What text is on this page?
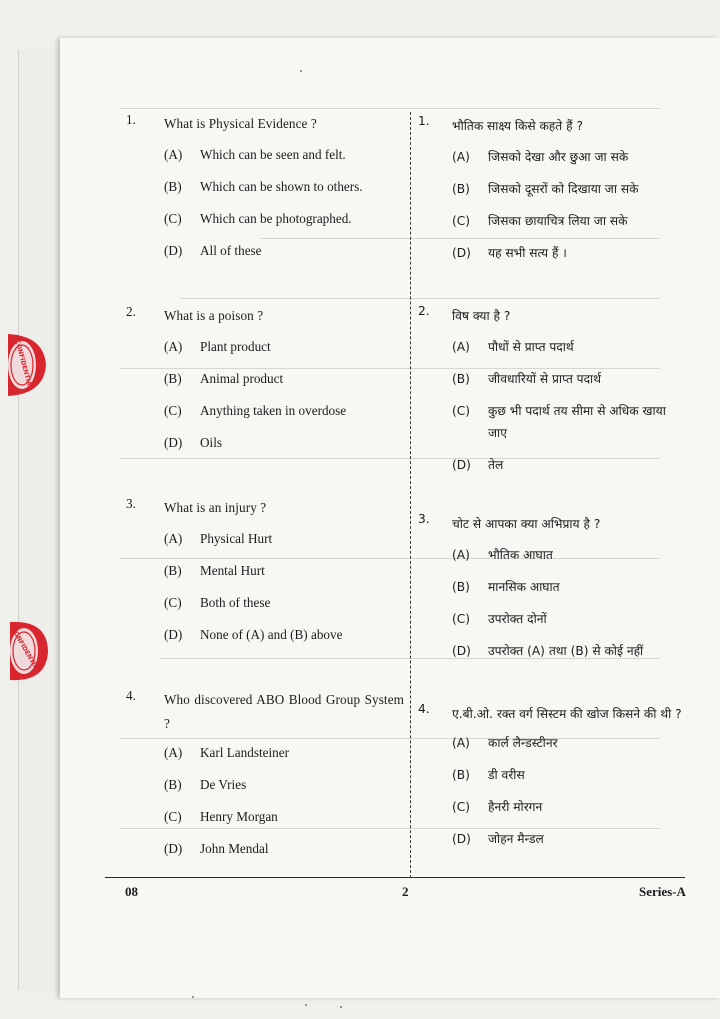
CONFIDENTIAL
CONFIDENTIAL
1.	What is Physical Evidence ?
(A)	Which can be seen and felt.
(B)	Which can be shown to others.
(C)	Which can be photographed.
(D)	All of these
2.	What is a poison ?
(A)	Plant product
(B)	Animal product
(C)	Anything taken in overdose
(D)	Oils
3.	What is an injury ?
(A)	Physical Hurt
(B)	Mental Hurt
(C)	Both of these
(D)	None of (A) and (B) above
4.	Who discovered ABO Blood Group System ?
(A)	Karl Landsteiner
(B)	De Vries
(C)	Henry Morgan
(D)	John Mendal
1.	भौतिक साक्ष्य किसे कहते हैं ?
(A)	जिसको देखा और छुआ जा सके
(B)	जिसको दूसरों को दिखाया जा सके
(C)	जिसका छायाचित्र लिया जा सके
(D)	यह सभी सत्य हैं ।
2.	विष क्या है ?
(A)	पौधों से प्राप्त पदार्थ
(B)	जीवधारियों से प्राप्त पदार्थ
(C)	कुछ भी पदार्थ तय सीमा से अधिक खाया जाए
(D)	तेल
3.	चोट से आपका क्या अभिप्राय है ?
(A)	भौतिक आघात
(B)	मानसिक आघात
(C)	उपरोक्त दोनों
(D)	उपरोक्त (A) तथा (B) से कोई नहीं
4.	ए.बी.ओ. रक्त वर्ग सिस्टम की खोज किसने की थी ?
(A)	कार्ल लैन्डस्टीनर
(B)	डी वरीस
(C)	हैनरी मोरगन
(D)	जोहन मैन्डल
08	2	Series-A
